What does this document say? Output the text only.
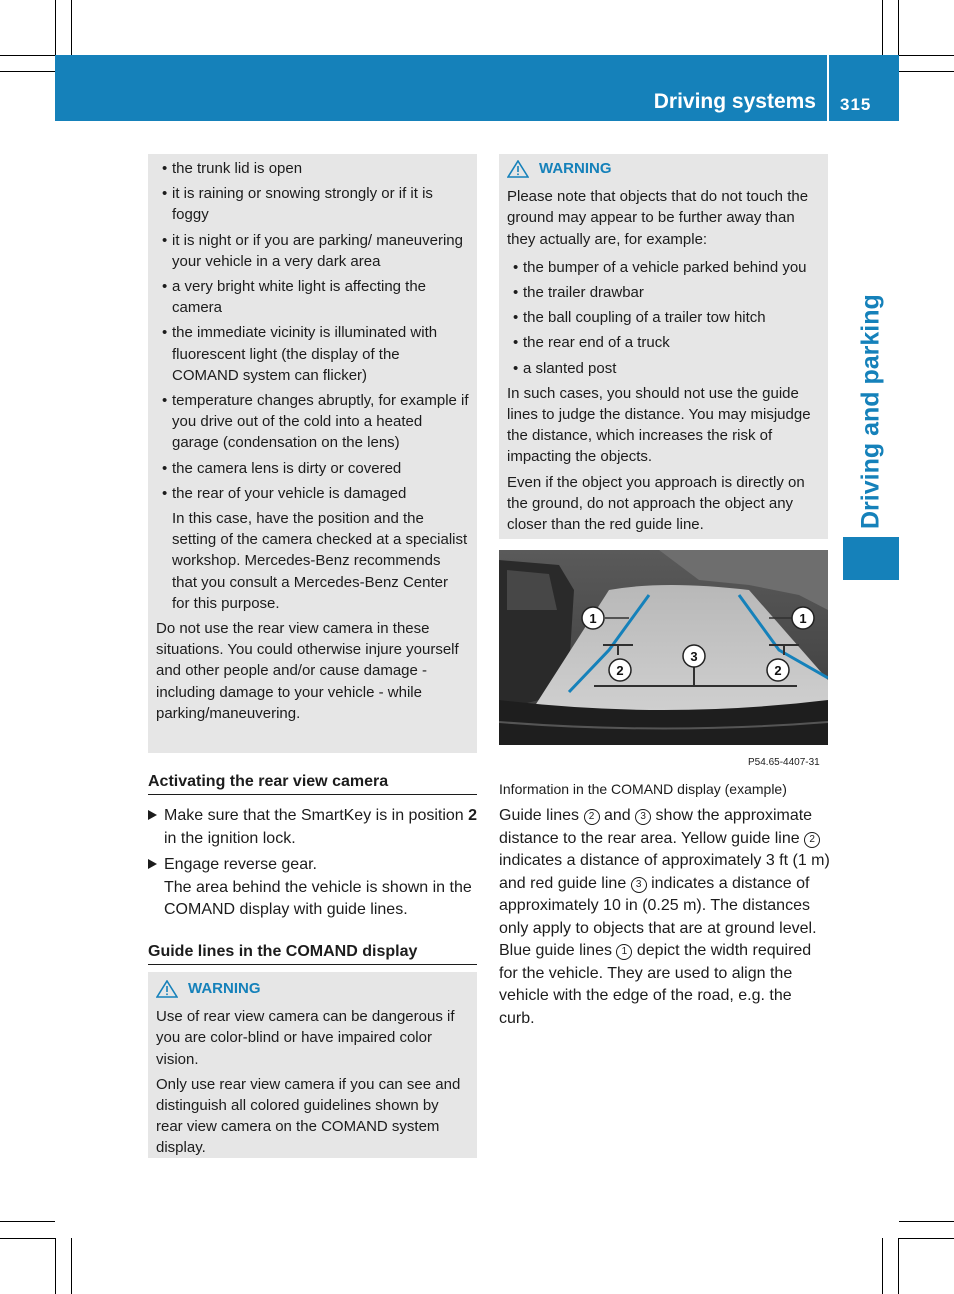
Driving systems 315
Driving and parking

• the trunk lid is open

• it is raining or snowing strongly or if it is foggy

• it is night or if you are parking/ maneuvering your vehicle in a very dark area

• a very bright white light is affecting the camera

• the immediate vicinity is illuminated with fluorescent light (the display of the COMAND system can flicker)

• temperature changes abruptly, for example if you drive out of the cold into a heated garage (condensation on the lens)

• the camera lens is dirty or covered

• the rear of your vehicle is damaged

In this case, have the position and the setting of the camera checked at a specialist workshop. Mercedes-Benz recommends that you consult a Mercedes-Benz Center for this purpose.

Do not use the rear view camera in these situations. You could otherwise injure yourself and other people and/or cause damage - including damage to your vehicle - while parking/maneuvering.

Activating the rear view camera
Make sure that the SmartKey is in position 2 in the ignition lock.
Engage reverse gear.
The area behind the vehicle is shown in the COMAND display with guide lines.
Guide lines in the COMAND display
WARNING

Use of rear view camera can be dangerous if you are color-blind or have impaired color vision.

Only use rear view camera if you can see and distinguish all colored guidelines shown by rear view camera on the COMAND system display.

WARNING

Please note that objects that do not touch the ground may appear to be further away than they actually are, for example:

• the bumper of a vehicle parked behind you

• the trailer drawbar

• the ball coupling of a trailer tow hitch

• the rear end of a truck

• a slanted post

In such cases, you should not use the guide lines to judge the distance. You may misjudge the distance, which increases the risk of impacting the objects.

Even if the object you approach is directly on the ground, do not approach the object any closer than the red guide line.

1	1
2	2
3
P54.65-4407-31
Information in the COMAND display (example)
Guide lines 2 and 3 show the approximate distance to the rear area. Yellow guide line 2 indicates a distance of approximately 3 ft (1 m) and red guide line 3 indicates a distance of approximately 10 in (0.25 m). The distances only apply to objects that are at ground level. Blue guide lines 1 depict the width required for the vehicle. They are used to align the vehicle with the edge of the road, e.g. the curb.
